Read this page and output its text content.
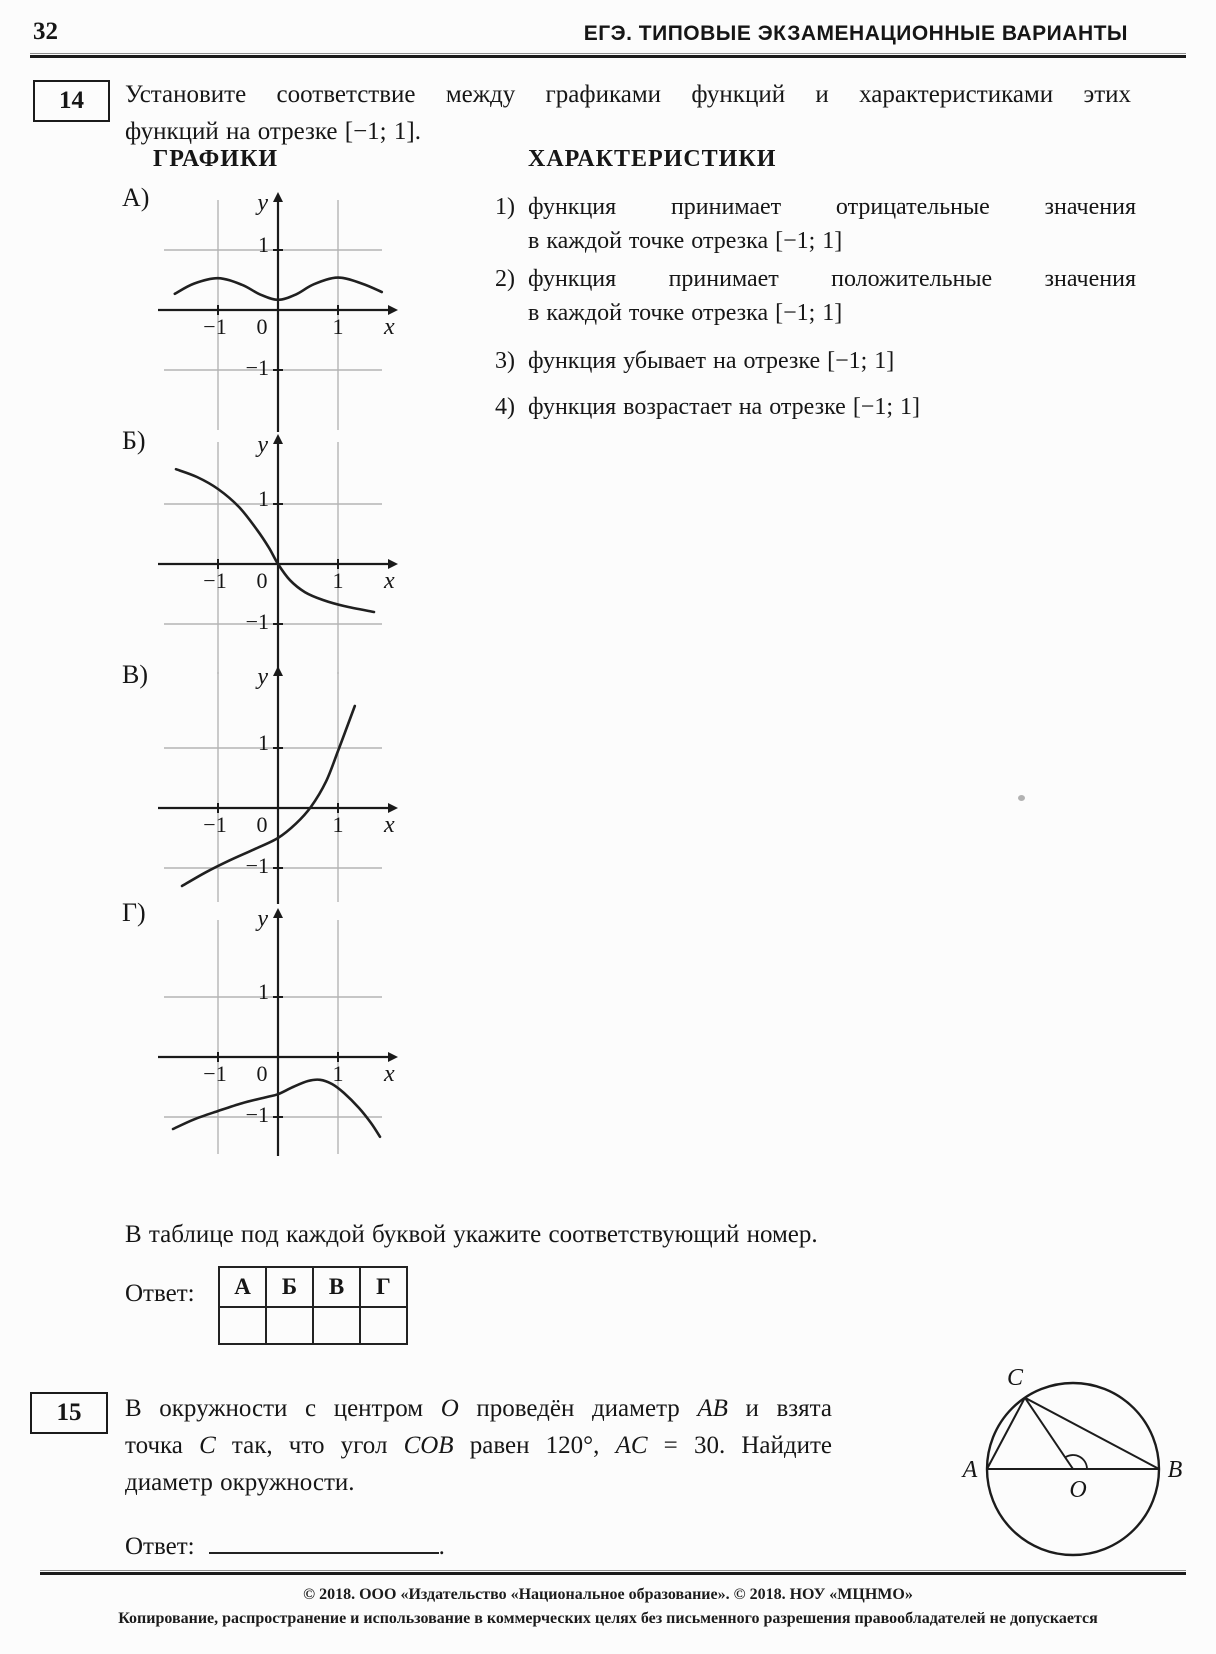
32	ЕГЭ. ТИПОВЫЕ ЭКЗАМЕНАЦИОННЫЕ ВАРИАНТЫ
14 Установите соответствие между графиками функций и характеристиками этих
функций на отрезке [−1; 1].
ГРАФИКИ	ХАРАКТЕРИСТИКИ
А)	y
x
−1 0	1
1
−1
Б)	y
x
−1 0	1
1
−1
В)	y
x
−1 0	1
1
−1
Г)	y
x
−1 0	1
1
−1
1) функция принимает отрицательные значения
в каждой точке отрезка [−1; 1]
2) функция принимает положительные значения
в каждой точке отрезка [−1; 1]
3) функция убывает на отрезке [−1; 1]
4) функция возрастает на отрезке [−1; 1]
В таблице под каждой буквой укажите соответствующий номер.
Ответ: А	Б	В	Г

15 В окружности с центром O проведён диаметр AB и взята
точка C так, что угол COB равен 120°, AC = 30. Найдите
диаметр окружности.	A	B
C
O
Ответ:	.
© 2018. ООО «Издательство «Национальное образование». © 2018. НОУ «МЦНМО»
Копирование, распространение и использование в коммерческих целях без письменного разрешения правообладателей не допускается
